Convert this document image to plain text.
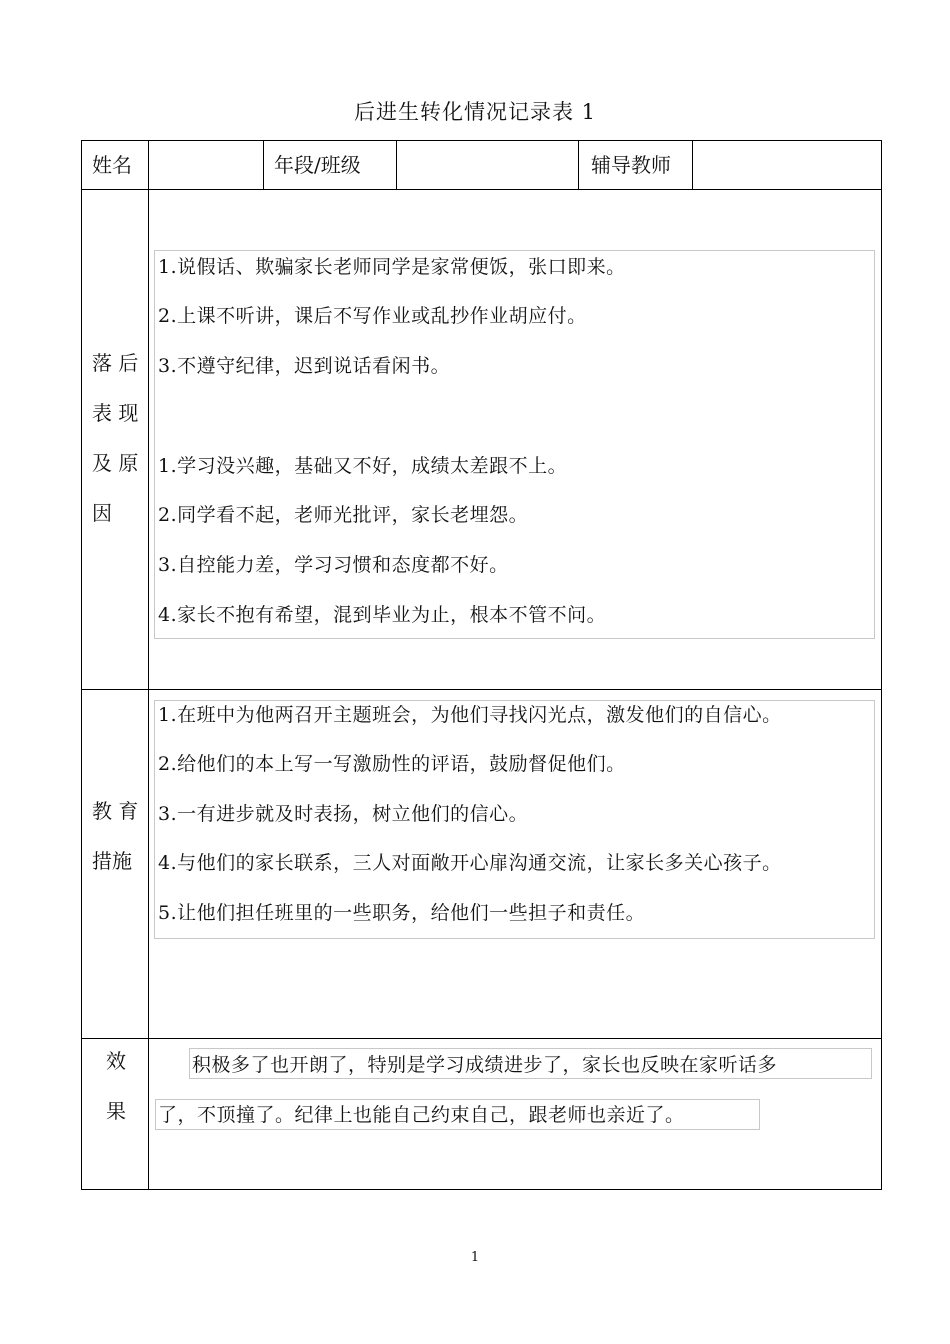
后进生转化情况记录表 1
姓名	年段/班级	辅导教师
落 后
表 现
及 原
因
1.说假话、欺骗家长老师同学是家常便饭，张口即来。
2.上课不听讲，课后不写作业或乱抄作业胡应付。
3.不遵守纪律，迟到说话看闲书。
1.学习没兴趣，基础又不好，成绩太差跟不上。
2.同学看不起，老师光批评，家长老埋怨。
3.自控能力差，学习习惯和态度都不好。
4.家长不抱有希望，混到毕业为止，根本不管不问。
教 育
措施
1.在班中为他两召开主题班会，为他们寻找闪光点，激发他们的自信心。
2.给他们的本上写一写激励性的评语，鼓励督促他们。
3.一有进步就及时表扬，树立他们的信心。
4.与他们的家长联系，三人对面敞开心扉沟通交流，让家长多关心孩子。
5.让他们担任班里的一些职务，给他们一些担子和责任。
效
果
积极多了也开朗了，特别是学习成绩进步了，家长也反映在家听话多
了，不顶撞了。纪律上也能自己约束自己，跟老师也亲近了。
1
